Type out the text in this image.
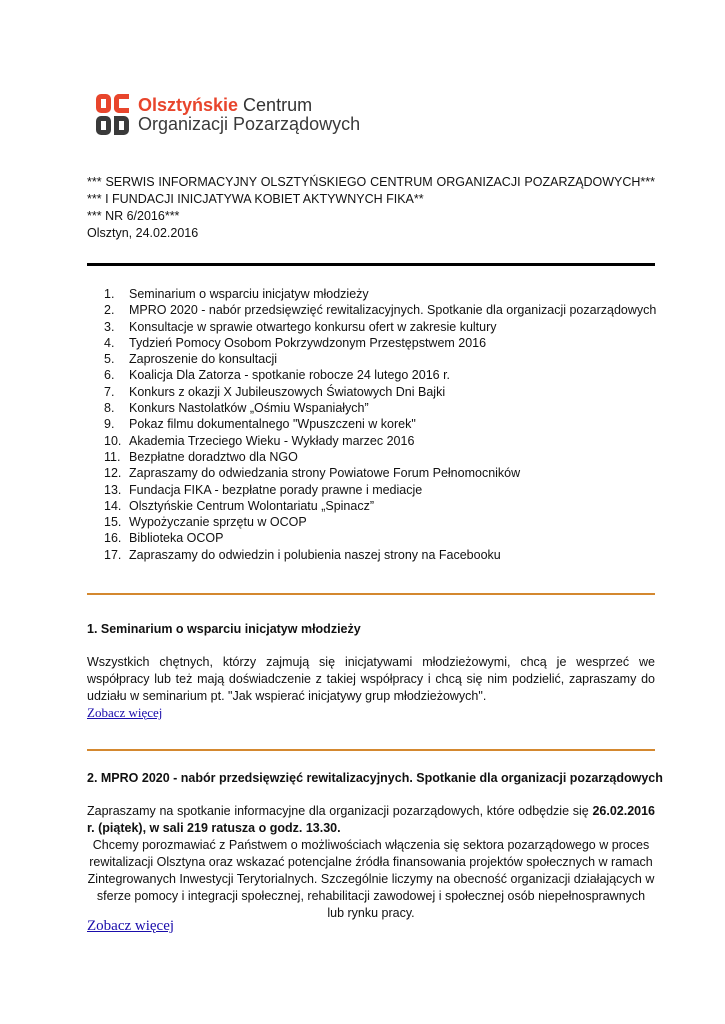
Olsztyńskie Centrum
Organizacji Pozarządowych
*** SERWIS INFORMACYJNY OLSZTYŃSKIEGO CENTRUM ORGANIZACJI POZARZĄDOWYCH***
*** I FUNDACJI INICJATYWA KOBIET AKTYWNYCH FIKA**
*** NR 6/2016***
Olsztyn, 24.02.2016
1. Seminarium o wsparciu inicjatyw młodzieży
2. MPRO 2020 - nabór przedsięwzięć rewitalizacyjnych. Spotkanie dla organizacji pozarządowych
3. Konsultacje w sprawie otwartego konkursu ofert w zakresie kultury
4. Tydzień Pomocy Osobom Pokrzywdzonym Przestępstwem 2016
5. Zaproszenie do konsultacji
6. Koalicja Dla Zatorza - spotkanie robocze 24 lutego 2016 r.
7. Konkurs z okazji X Jubileuszowych Światowych Dni Bajki
8. Konkurs Nastolatków „Ośmiu Wspaniałych”
9. Pokaz filmu dokumentalnego "Wpuszczeni w korek"
10. Akademia Trzeciego Wieku - Wykłady marzec 2016
11. Bezpłatne doradztwo dla NGO
12. Zapraszamy do odwiedzania strony Powiatowe Forum Pełnomocników
13. Fundacja FIKA - bezpłatne porady prawne i mediacje
14. Olsztyńskie Centrum Wolontariatu „Spinacz”
15. Wypożyczanie sprzętu w OCOP
16. Biblioteka OCOP
17. Zapraszamy do odwiedzin i polubienia naszej strony na Facebooku
1. Seminarium o wsparciu inicjatyw młodzieży
Wszystkich chętnych, którzy zajmują się inicjatywami młodzieżowymi, chcą je wesprzeć we współpracy lub też mają doświadczenie z takiej współpracy i chcą się nim podzielić, zapraszamy do udziału w seminarium pt. "Jak wspierać inicjatywy grup młodzieżowych".
Zobacz więcej
2. MPRO 2020 - nabór przedsięwzięć rewitalizacyjnych. Spotkanie dla organizacji pozarządowych
Zapraszamy na spotkanie informacyjne dla organizacji pozarządowych, które odbędzie się 26.02.2016 r. (piątek), w sali 219 ratusza o godz. 13.30.
Chcemy porozmawiać z Państwem o możliwościach włączenia się sektora pozarządowego w proces rewitalizacji Olsztyna oraz wskazać potencjalne źródła finansowania projektów społecznych w ramach Zintegrowanych Inwestycji Terytorialnych. Szczególnie liczymy na obecność organizacji działających w sferze pomocy i integracji społecznej, rehabilitacji zawodowej i społecznej osób niepełnosprawnych lub rynku pracy.
Zobacz więcej
